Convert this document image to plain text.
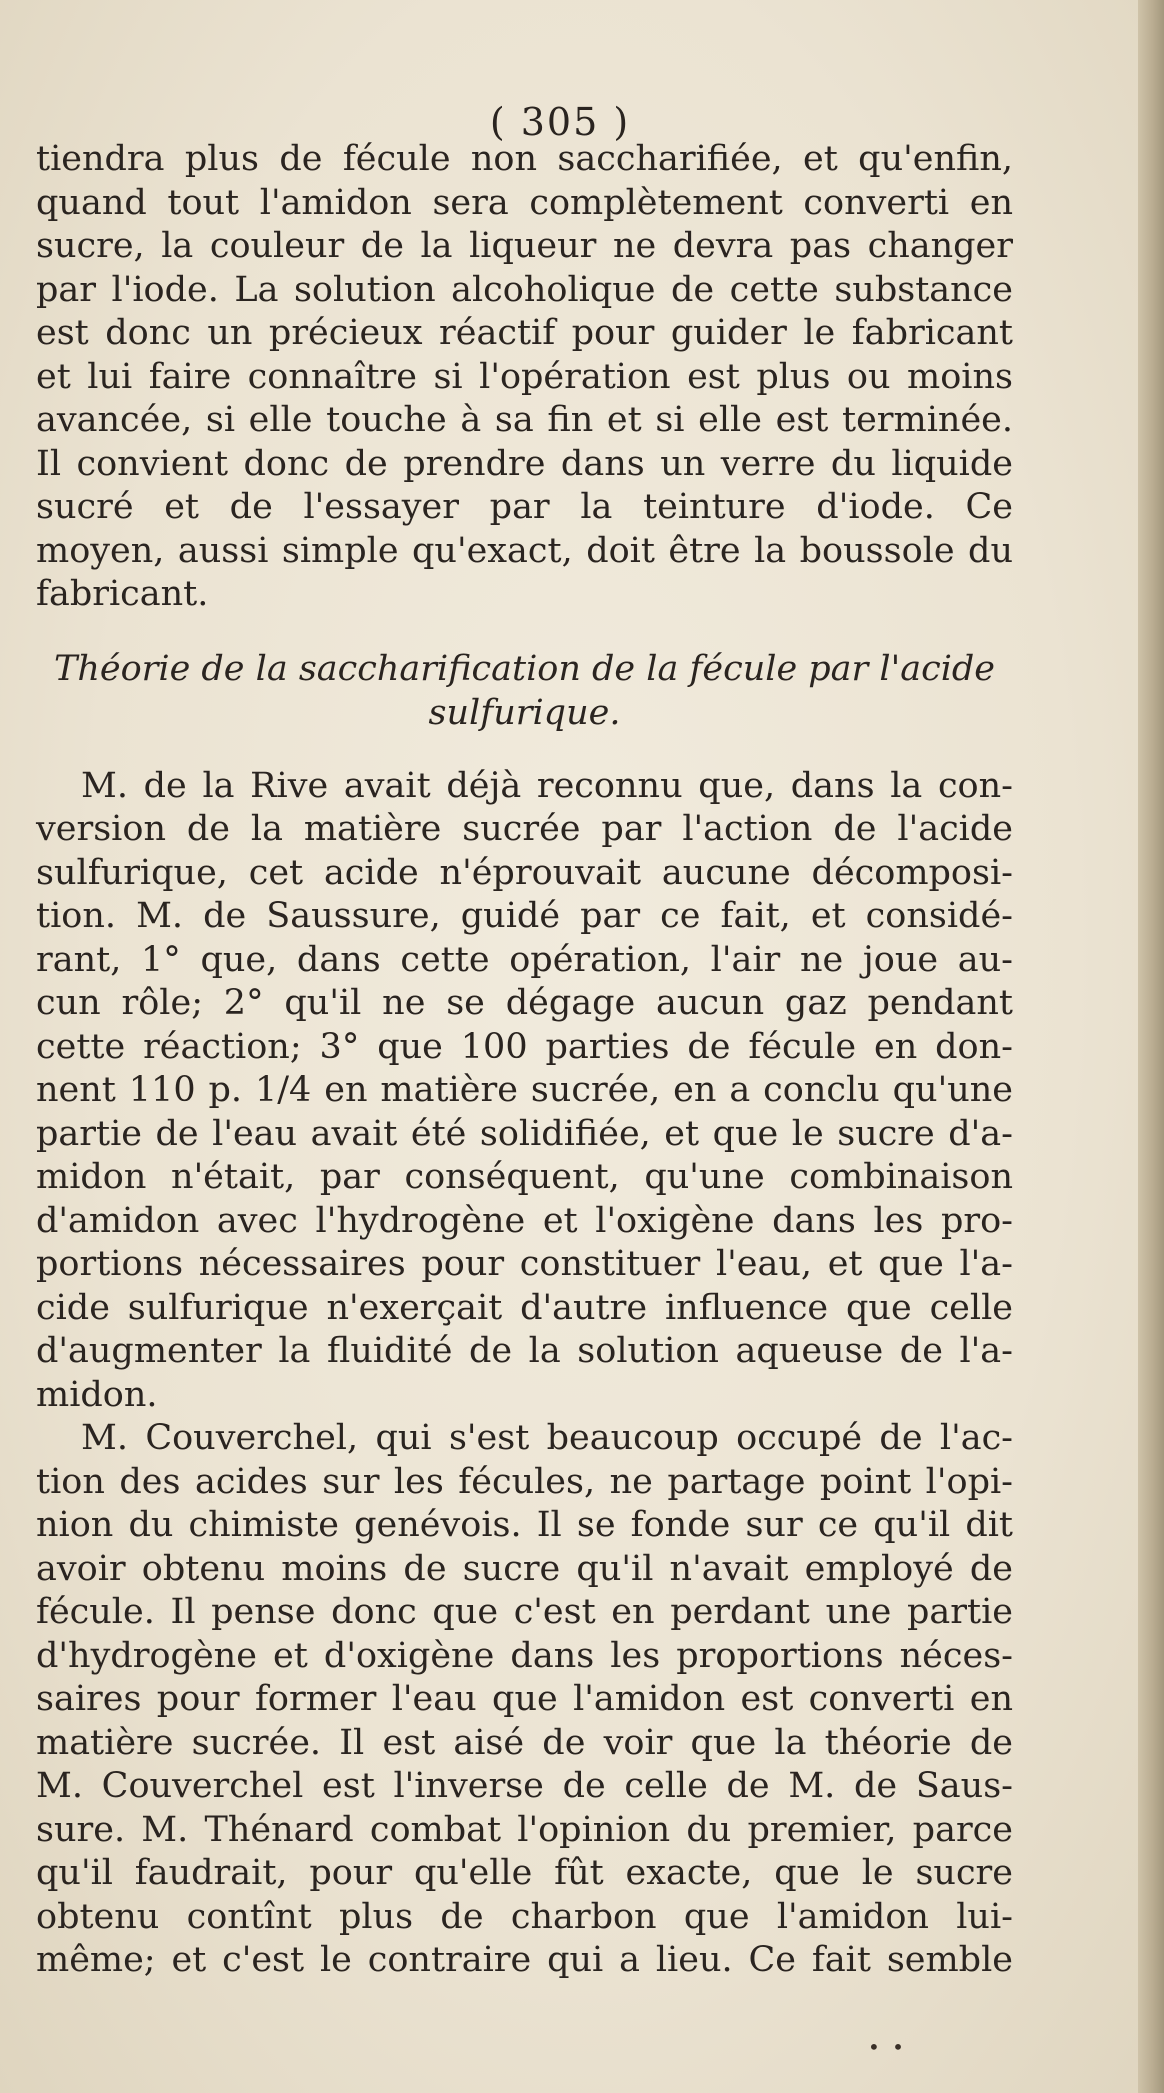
( 305 )
tiendra plus de fécule non saccharifiée, et qu'enfin,
quand tout l'amidon sera complètement converti en
sucre, la couleur de la liqueur ne devra pas changer
par l'iode. La solution alcoholique de cette substance
est donc un précieux réactif pour guider le fabricant
et lui faire connaître si l'opération est plus ou moins
avancée, si elle touche à sa fin et si elle est terminée.
Il convient donc de prendre dans un verre du liquide
sucré et de l'essayer par la teinture d'iode. Ce
moyen, aussi simple qu'exact, doit être la boussole du
fabricant.
Théorie de la saccharification de la fécule par l'acide
sulfurique.
M. de la Rive avait déjà reconnu que, dans la con-
version de la matière sucrée par l'action de l'acide
sulfurique, cet acide n'éprouvait aucune décomposi-
tion. M. de Saussure, guidé par ce fait, et considé-
rant, 1° que, dans cette opération, l'air ne joue au-
cun rôle; 2° qu'il ne se dégage aucun gaz pendant
cette réaction; 3° que 100 parties de fécule en don-
nent 110 p. 1/4 en matière sucrée, en a conclu qu'une
partie de l'eau avait été solidifiée, et que le sucre d'a-
midon n'était, par conséquent, qu'une combinaison
d'amidon avec l'hydrogène et l'oxigène dans les pro-
portions nécessaires pour constituer l'eau, et que l'a-
cide sulfurique n'exerçait d'autre influence que celle
d'augmenter la fluidité de la solution aqueuse de l'a-
midon.
M. Couverchel, qui s'est beaucoup occupé de l'ac-
tion des acides sur les fécules, ne partage point l'opi-
nion du chimiste genévois. Il se fonde sur ce qu'il dit
avoir obtenu moins de sucre qu'il n'avait employé de
fécule. Il pense donc que c'est en perdant une partie
d'hydrogène et d'oxigène dans les proportions néces-
saires pour former l'eau que l'amidon est converti en
matière sucrée. Il est aisé de voir que la théorie de
M. Couverchel est l'inverse de celle de M. de Saus-
sure. M. Thénard combat l'opinion du premier, parce
qu'il faudrait, pour qu'elle fût exacte, que le sucre
obtenu contînt plus de charbon que l'amidon lui-
même; et c'est le contraire qui a lieu. Ce fait semble
• •
